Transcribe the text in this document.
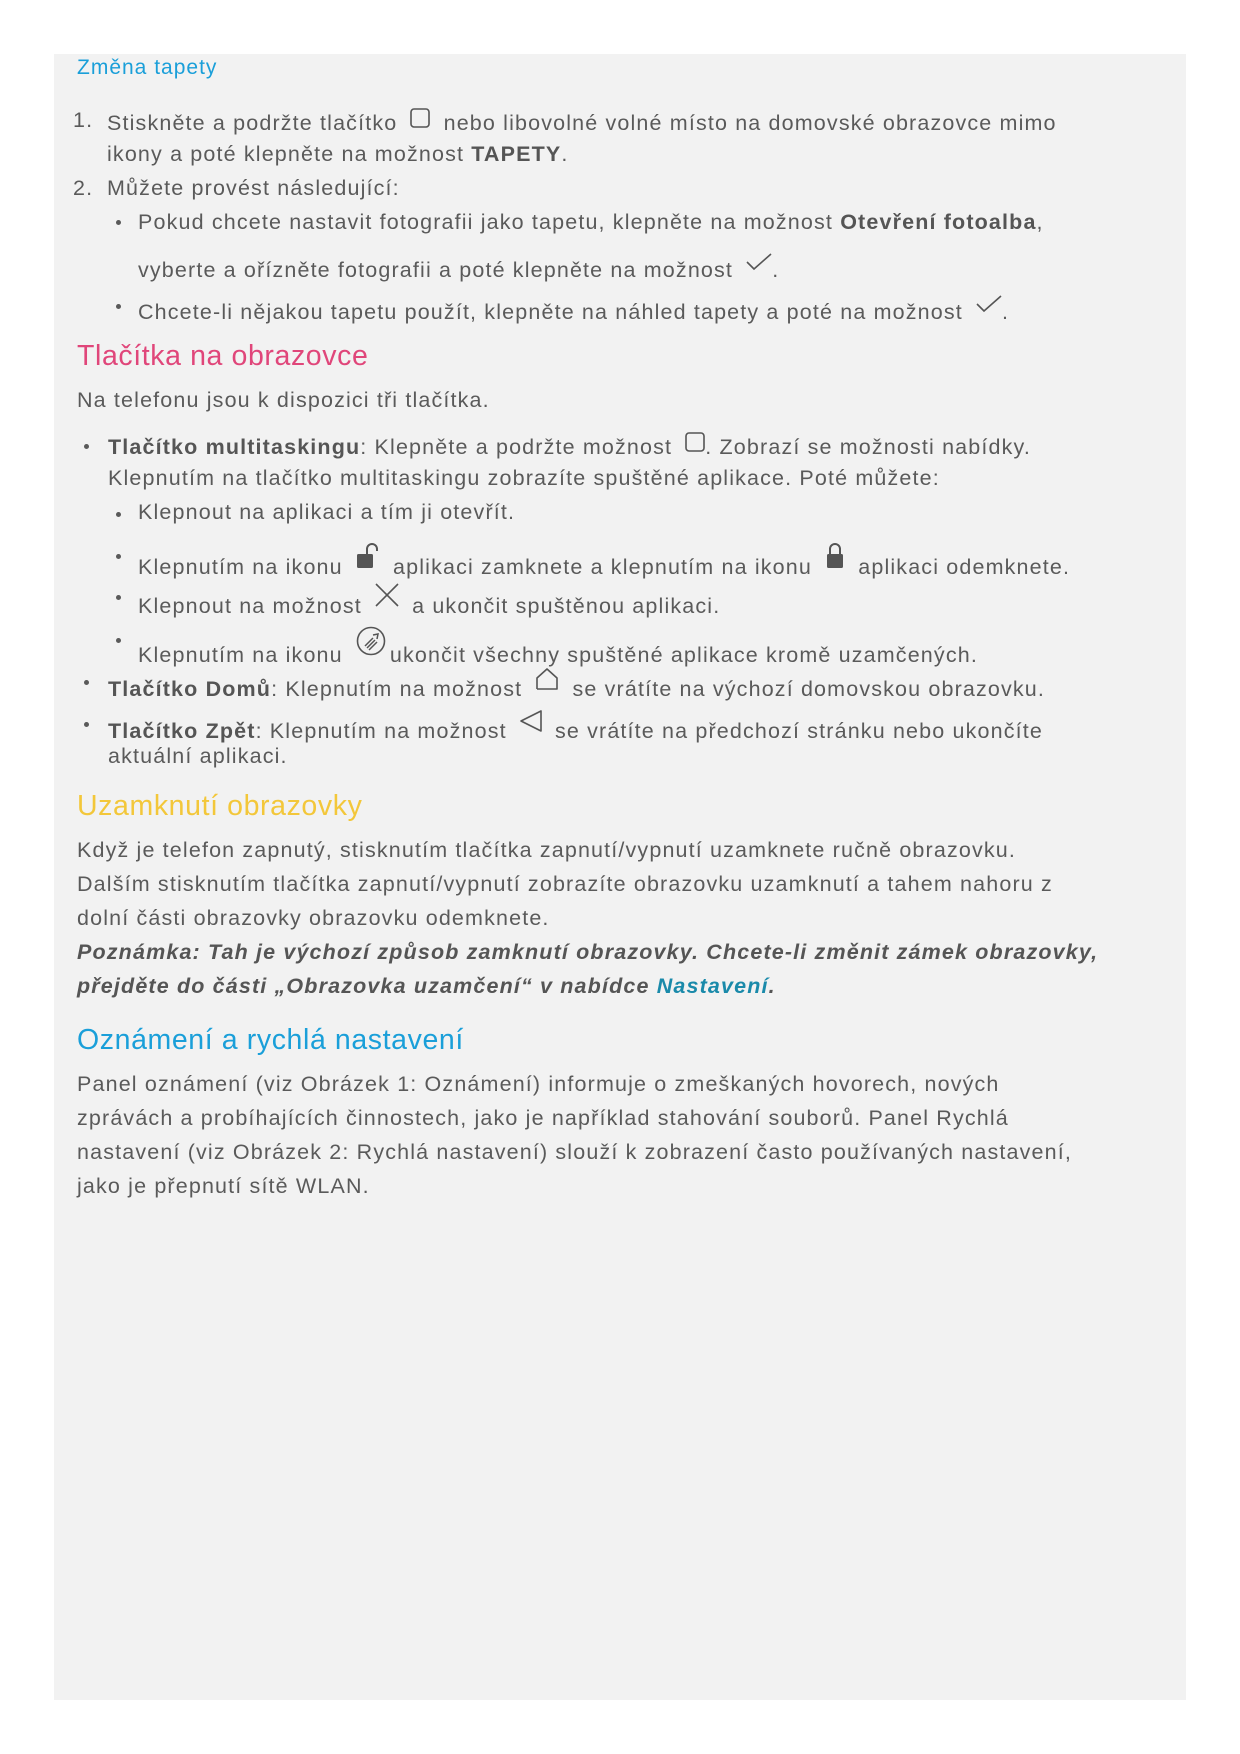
Změna tapety
1. Stiskněte a podržte tlačítko nebo libovolné volné místo na domovské obrazovce mimo
ikony a poté klepněte na možnost TAPETY.
2. Můžete provést následující:
Pokud chcete nastavit fotografii jako tapetu, klepněte na možnost Otevření fotoalba,
vyberte a ořízněte fotografii a poté klepněte na možnost .
Chcete-li nějakou tapetu použít, klepněte na náhled tapety a poté na možnost .
Tlačítka na obrazovce
Na telefonu jsou k dispozici tři tlačítka.
Tlačítko multitaskingu: Klepněte a podržte možnost . Zobrazí se možnosti nabídky.
Klepnutím na tlačítko multitaskingu zobrazíte spuštěné aplikace. Poté můžete:
Klepnout na aplikaci a tím ji otevřít.
Klepnutím na ikonu aplikaci zamknete a klepnutím na ikonu aplikaci odemknete.
Klepnout na možnost a ukončit spuštěnou aplikaci.
Klepnutím na ikonu ukončit všechny spuštěné aplikace kromě uzamčených.
Tlačítko Domů: Klepnutím na možnost se vrátíte na výchozí domovskou obrazovku.
Tlačítko Zpět: Klepnutím na možnost se vrátíte na předchozí stránku nebo ukončíte
aktuální aplikaci.
Uzamknutí obrazovky
Když je telefon zapnutý, stisknutím tlačítka zapnutí/vypnutí uzamknete ručně obrazovku.
Dalším stisknutím tlačítka zapnutí/vypnutí zobrazíte obrazovku uzamknutí a tahem nahoru z
dolní části obrazovky obrazovku odemknete.
Poznámka: Tah je výchozí způsob zamknutí obrazovky. Chcete-li změnit zámek obrazovky,
přejděte do části „Obrazovka uzamčení“ v nabídce Nastavení.
Oznámení a rychlá nastavení
Panel oznámení (viz Obrázek 1: Oznámení) informuje o zmeškaných hovorech, nových
zprávách a probíhajících činnostech, jako je například stahování souborů. Panel Rychlá
nastavení (viz Obrázek 2: Rychlá nastavení) slouží k zobrazení často používaných nastavení,
jako je přepnutí sítě WLAN.
